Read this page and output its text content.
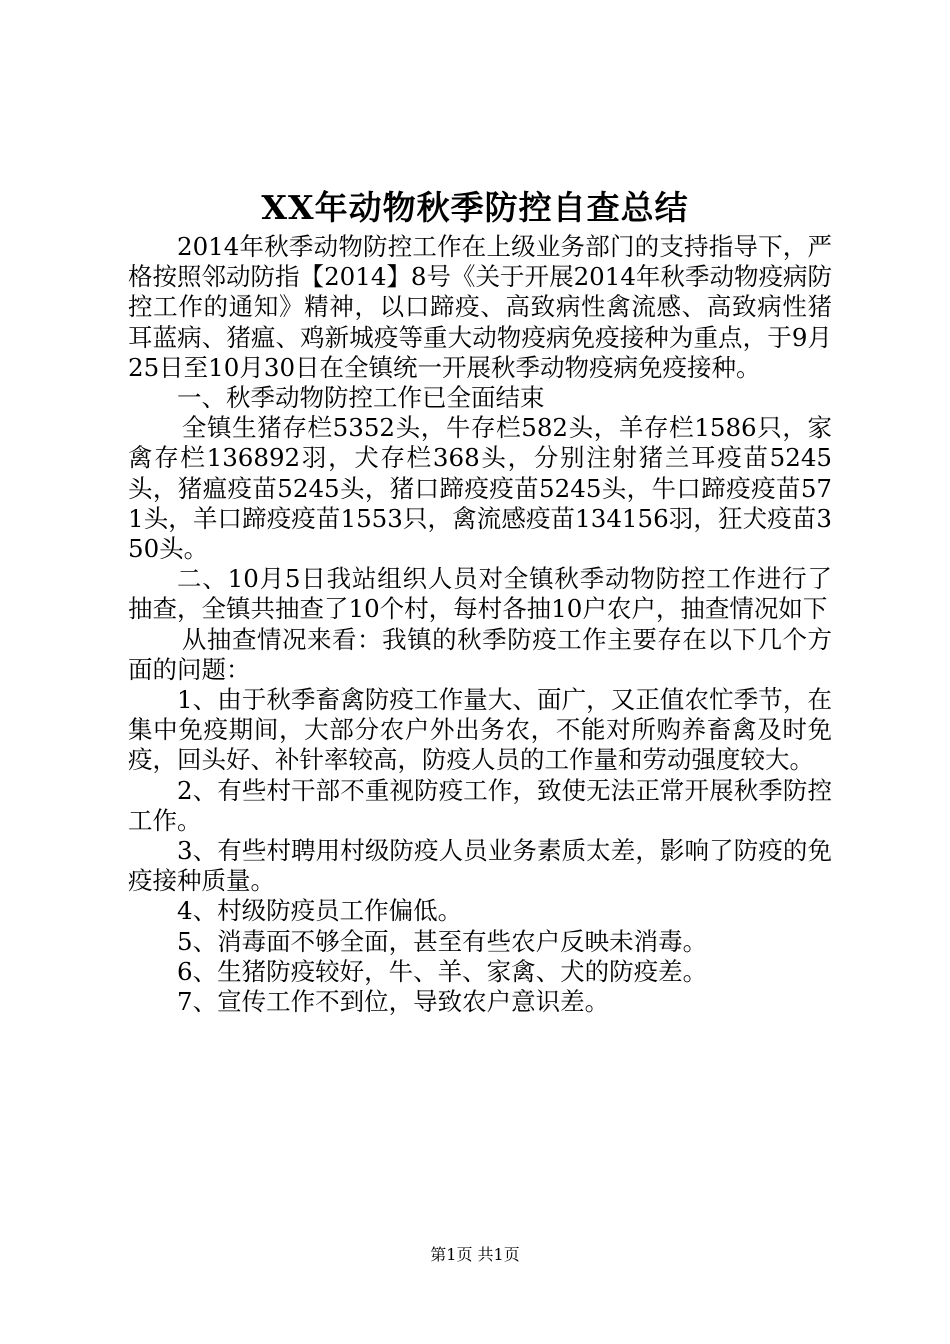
XX年动物秋季防控自查总结

2014年秋季动物防控工作在上级业务部门的支持指导下，严格按照邻动防指【2014】8号《关于开展2014年秋季动物疫病防控工作的通知》精神，以口蹄疫、高致病性禽流感、高致病性猪耳蓝病、猪瘟、鸡新城疫等重大动物疫病免疫接种为重点，于9月25日至10月30日在全镇统一开展秋季动物疫病免疫接种。

一、秋季动物防控工作已全面结束

全镇生猪存栏5352头，牛存栏582头，羊存栏1586只，家禽存栏136892羽，犬存栏368头，分别注射猪兰耳疫苗5245头，猪瘟疫苗5245头，猪口蹄疫疫苗5245头，牛口蹄疫疫苗571头，羊口蹄疫疫苗1553只，禽流感疫苗134156羽，狂犬疫苗350头。

二、10月5日我站组织人员对全镇秋季动物防控工作进行了抽查，全镇共抽查了10个村，每村各抽10户农户，抽查情况如下

从抽查情况来看：我镇的秋季防疫工作主要存在以下几个方面的问题：

1、由于秋季畜禽防疫工作量大、面广，又正值农忙季节，在集中免疫期间，大部分农户外出务农，不能对所购养畜禽及时免疫，回头好、补针率较高，防疫人员的工作量和劳动强度较大。

2、有些村干部不重视防疫工作，致使无法正常开展秋季防控工作。

3、有些村聘用村级防疫人员业务素质太差，影响了防疫的免疫接种质量。

4、村级防疫员工作偏低。

5、消毒面不够全面，甚至有些农户反映未消毒。

6、生猪防疫较好，牛、羊、家禽、犬的防疫差。

7、宣传工作不到位，导致农户意识差。

第1页 共1页
